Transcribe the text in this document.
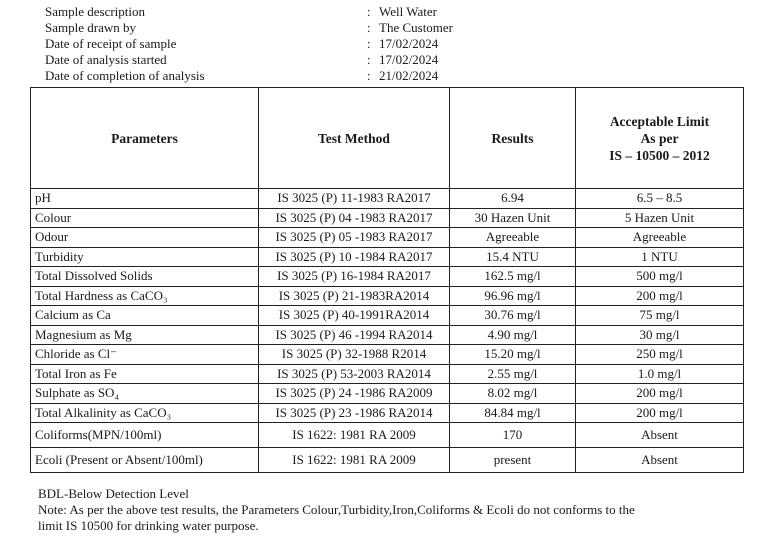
Sample description	: Well Water
Sample drawn by	: The Customer
Date of receipt of sample	: 17/02/2024
Date of analysis started	: 17/02/2024
Date of completion of analysis	: 21/02/2024
Parameters	Test Method	Results	Acceptable Limit
As per
IS – 10500 – 2012
pH	IS 3025 (P) 11-1983 RA2017	6.94	6.5 – 8.5
Colour	IS 3025 (P) 04 -1983 RA2017	30 Hazen Unit	5 Hazen Unit
Odour	IS 3025 (P) 05 -1983 RA2017	Agreeable	Agreeable
Turbidity	IS 3025 (P) 10 -1984 RA2017	15.4 NTU	1 NTU
Total Dissolved Solids	IS 3025 (P) 16-1984 RA2017	162.5 mg/l	500 mg/l
Total Hardness as CaCO₃	IS 3025 (P) 21-1983RA2014	96.96 mg/l	200 mg/l
Calcium as Ca	IS 3025 (P) 40-1991RA2014	30.76 mg/l	75 mg/l
Magnesium as Mg	IS 3025 (P) 46 -1994 RA2014	4.90 mg/l	30 mg/l
Chloride as Cl⁻	IS 3025 (P) 32-1988 R2014	15.20 mg/l	250 mg/l
Total Iron as Fe	IS 3025 (P) 53-2003 RA2014	2.55 mg/l	1.0 mg/l
Sulphate as SO₄	IS 3025 (P) 24 -1986 RA2009	8.02 mg/l	200 mg/l
Total Alkalinity as CaCO₃	IS 3025 (P) 23 -1986 RA2014	84.84 mg/l	200 mg/l
Coliforms(MPN/100ml)	IS 1622: 1981 RA 2009	170	Absent
Ecoli (Present or Absent/100ml)	IS 1622: 1981 RA 2009	present	Absent

BDL-Below Detection Level

Note: As per the above test results, the Parameters Colour,Turbidity,Iron,Coliforms & Ecoli do not conforms to the

limit IS 10500 for drinking water purpose.
